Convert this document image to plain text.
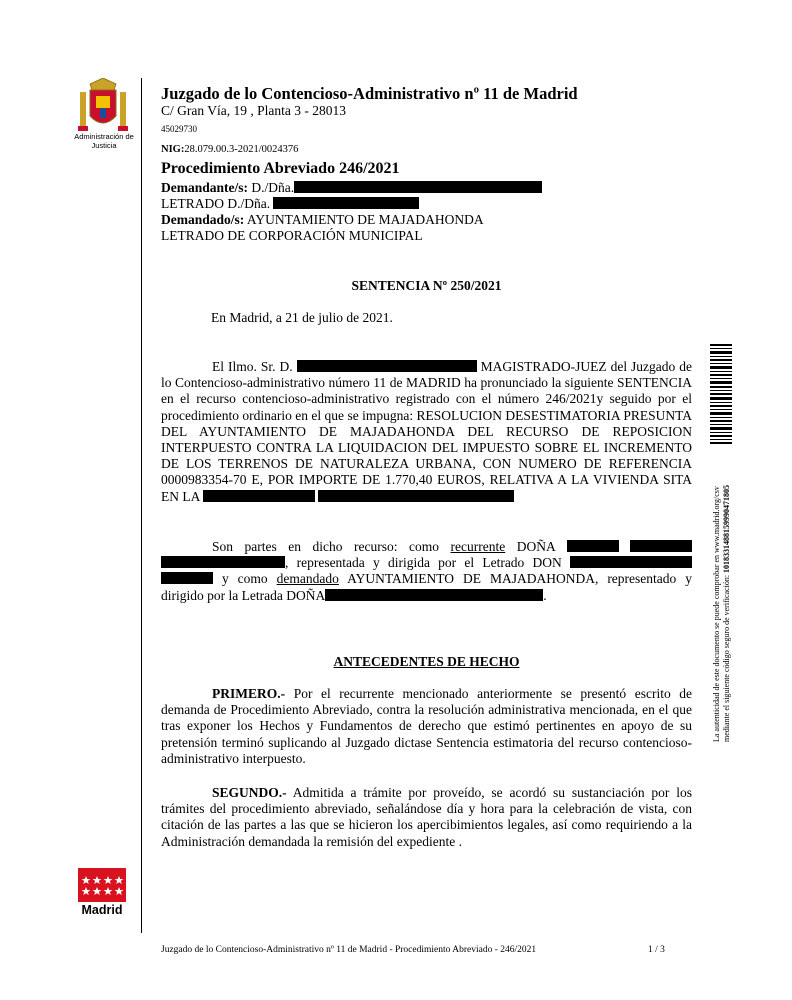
Administración de Justicia
Madrid
Juzgado de lo Contencioso-Administrativo nº 11 de Madrid
C/ Gran Vía, 19 , Planta 3 - 28013
45029730
NIG:28.079.00.3-2021/0024376
Procedimiento Abreviado 246/2021
Demandante/s: D./Dña.
LETRADO D./Dña.
Demandado/s: AYUNTAMIENTO DE MAJADAHONDA
LETRADO DE CORPORACIÓN MUNICIPAL
SENTENCIA Nº 250/2021
En Madrid, a 21 de julio de 2021.
El Ilmo. Sr. D.	MAGISTRADO-JUEZ del Juzgado de lo Contencioso-administrativo número 11 de MADRID ha pronunciado la siguiente SENTENCIA en el recurso contencioso-administrativo registrado con el número 246/2021y seguido por el procedimiento ordinario en el que se impugna: RESOLUCION DESESTIMATORIA PRESUNTA DEL AYUNTAMIENTO DE MAJADAHONDA DEL RECURSO DE REPOSICION INTERPUESTO CONTRA LA LIQUIDACION DEL IMPUESTO SOBRE EL INCREMENTO DE LOS TERRENOS DE NATURALEZA URBANA, CON NUMERO DE REFERENCIA 0000983354-70 E, POR IMPORTE DE 1.770,40 EUROS, RELATIVA A LA VIVIENDA SITA EN LA
Son partes en dicho recurso: como recurrente DOÑA   , representada y dirigida por el Letrado DON   y como demandado AYUNTAMIENTO DE MAJADAHONDA, representado y dirigido por la Letrada DOÑA	.
ANTECEDENTES DE HECHO
PRIMERO.- Por el recurrente mencionado anteriormente se presentó escrito de demanda de Procedimiento Abreviado, contra la resolución administrativa mencionada, en el que tras exponer los Hechos y Fundamentos de derecho que estimó pertinentes en apoyo de su pretensión terminó suplicando al Juzgado dictase Sentencia estimatoria del recurso contencioso-administrativo interpuesto.
SEGUNDO.- Admitida a trámite por proveído, se acordó su sustanciación por los trámites del procedimiento abreviado, señalándose día y hora para la celebración de vista, con citación de las partes a las que se hicieron los apercibimientos legales, así como requiriendo a la Administración demandada la remisión del expediente .
La autenticidad de este documento se puede comprobar en www.madrid.org/csv mediante el siguiente código seguro de verificación: 1018331488159990471805
Juzgado de lo Contencioso-Administrativo nº 11 de Madrid - Procedimiento Abreviado - 246/2021	1 / 3
